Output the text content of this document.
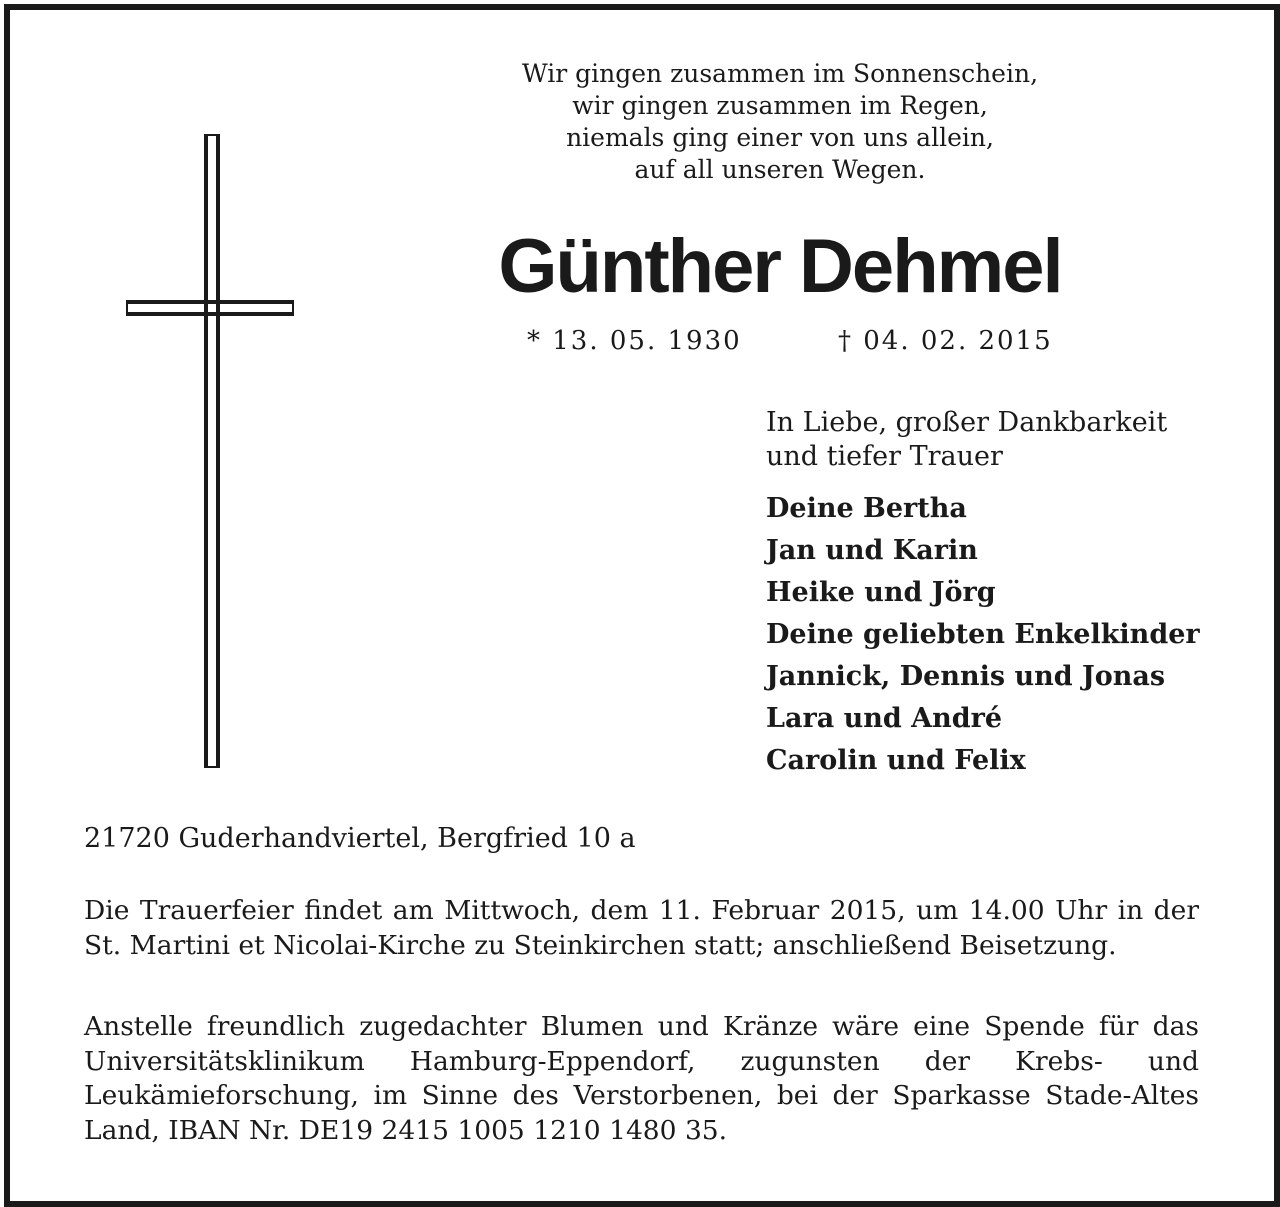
Wir gingen zusammen im Sonnenschein,
wir gingen zusammen im Regen,
niemals ging einer von uns allein,
auf all unseren Wegen.
Günther Dehmel
* 13. 05. 1930	† 04. 02. 2015
In Liebe, großer Dankbarkeit
und tiefer Trauer
Deine Bertha
Jan und Karin
Heike und Jörg
Deine geliebten Enkelkinder
Jannick, Dennis und Jonas
Lara und André
Carolin und Felix
21720 Guderhandviertel, Bergfried 10 a
Die Trauerfeier findet am Mittwoch, dem 11. Februar 2015, um 14.00 Uhr in der St. Martini et Nicolai-Kirche zu Steinkirchen statt; anschließend Beisetzung.
Anstelle freundlich zugedachter Blumen und Kränze wäre eine Spende für das Universitätsklinikum Hamburg-Eppendorf, zugunsten der Krebs- und Leukämieforschung, im Sinne des Verstorbenen, bei der Sparkasse Stade-Altes Land, IBAN Nr. DE19 2415 1005 1210 1480 35.
